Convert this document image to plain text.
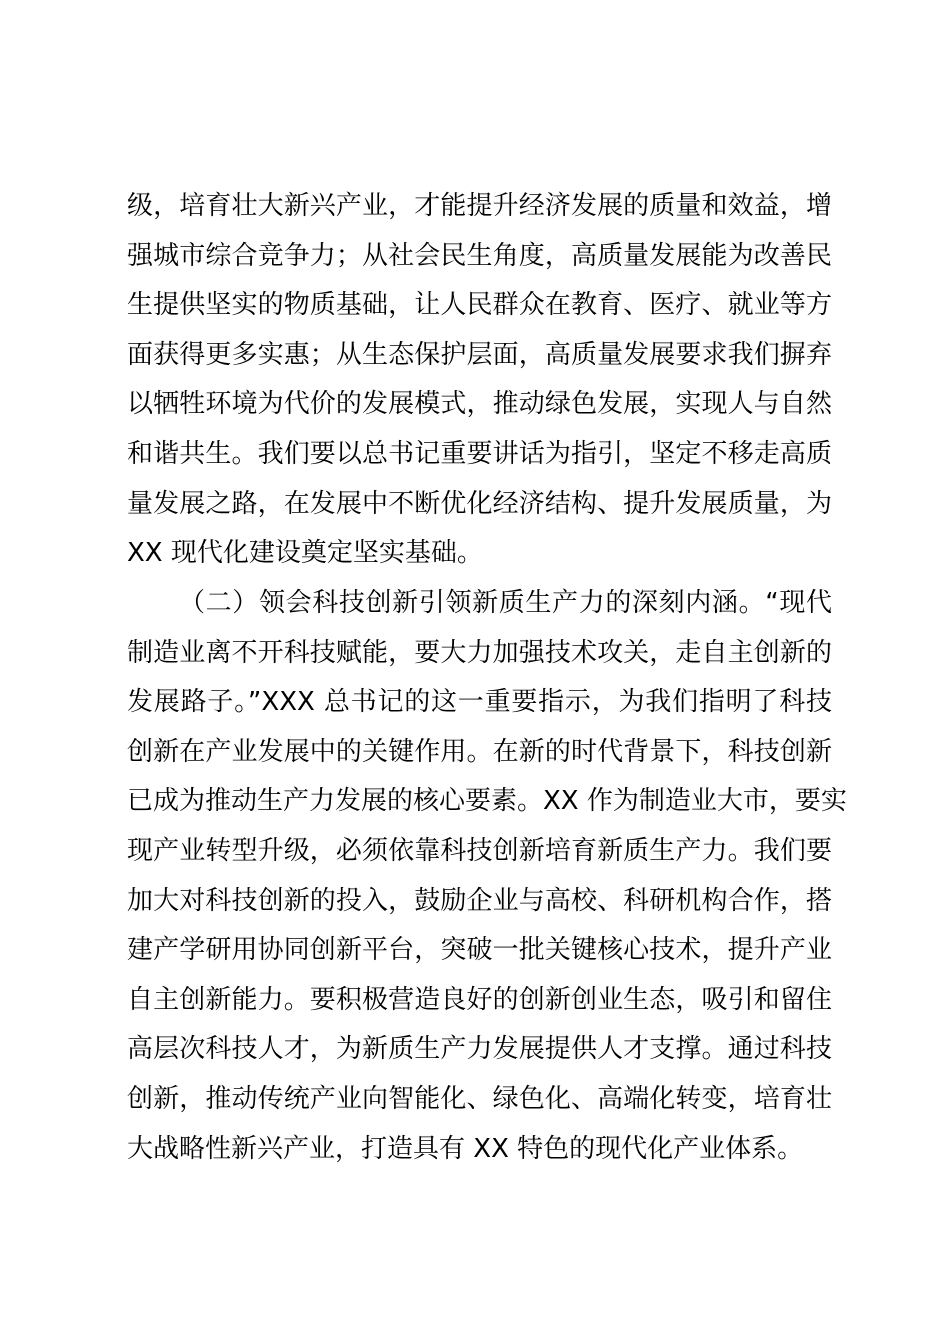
级，培育壮大新兴产业，才能提升经济发展的质量和效益，增
强城市综合竞争力；从社会民生角度，高质量发展能为改善民
生提供坚实的物质基础，让人民群众在教育、医疗、就业等方
面获得更多实惠；从生态保护层面，高质量发展要求我们摒弃
以牺牲环境为代价的发展模式，推动绿色发展，实现人与自然
和谐共生。我们要以总书记重要讲话为指引，坚定不移走高质
量发展之路，在发展中不断优化经济结构、提升发展质量，为
XX 现代化建设奠定坚实基础。
（二）领会科技创新引领新质生产力的深刻内涵。“现代
制造业离不开科技赋能，要大力加强技术攻关，走自主创新的
发展路子。”XXX 总书记的这一重要指示，为我们指明了科技
创新在产业发展中的关键作用。在新的时代背景下，科技创新
已成为推动生产力发展的核心要素。XX 作为制造业大市，要实
现产业转型升级，必须依靠科技创新培育新质生产力。我们要
加大对科技创新的投入，鼓励企业与高校、科研机构合作，搭
建产学研用协同创新平台，突破一批关键核心技术，提升产业
自主创新能力。要积极营造良好的创新创业生态，吸引和留住
高层次科技人才，为新质生产力发展提供人才支撑。通过科技
创新，推动传统产业向智能化、绿色化、高端化转变，培育壮
大战略性新兴产业，打造具有 XX 特色的现代化产业体系。
